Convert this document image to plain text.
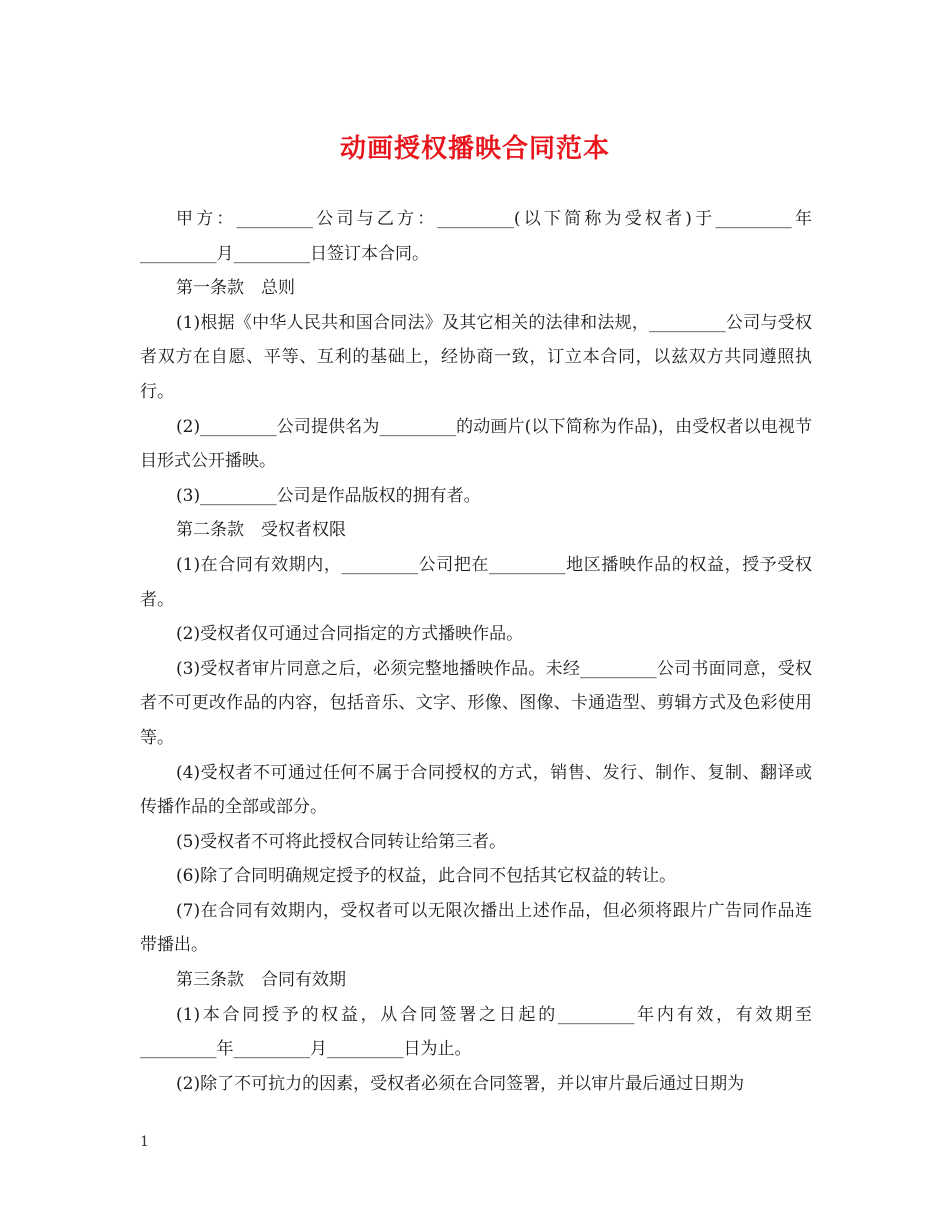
动画授权播映合同范本

甲方：_________公司与乙方：_________(以下简称为受权者)于_________年_________月_________日签订本合同。

第一条款　总则

(1)根据《中华人民共和国合同法》及其它相关的法律和法规，_________公司与受权者双方在自愿、平等、互利的基础上，经协商一致，订立本合同，以兹双方共同遵照执行。

(2)_________公司提供名为_________的动画片(以下简称为作品)，由受权者以电视节目形式公开播映。

(3)_________公司是作品版权的拥有者。

第二条款　受权者权限

(1)在合同有效期内，_________公司把在_________地区播映作品的权益，授予受权者。

(2)受权者仅可通过合同指定的方式播映作品。

(3)受权者审片同意之后，必须完整地播映作品。未经_________公司书面同意，受权者不可更改作品的内容，包括音乐、文字、形像、图像、卡通造型、剪辑方式及色彩使用等。

(4)受权者不可通过任何不属于合同授权的方式，销售、发行、制作、复制、翻译或传播作品的全部或部分。

(5)受权者不可将此授权合同转让给第三者。

(6)除了合同明确规定授予的权益，此合同不包括其它权益的转让。

(7)在合同有效期内，受权者可以无限次播出上述作品，但必须将跟片广告同作品连带播出。

第三条款　合同有效期

(1)本合同授予的权益，从合同签署之日起的_________年内有效，有效期至_________年_________月_________日为止。

(2)除了不可抗力的因素，受权者必须在合同签署，并以审片最后通过日期为

1
